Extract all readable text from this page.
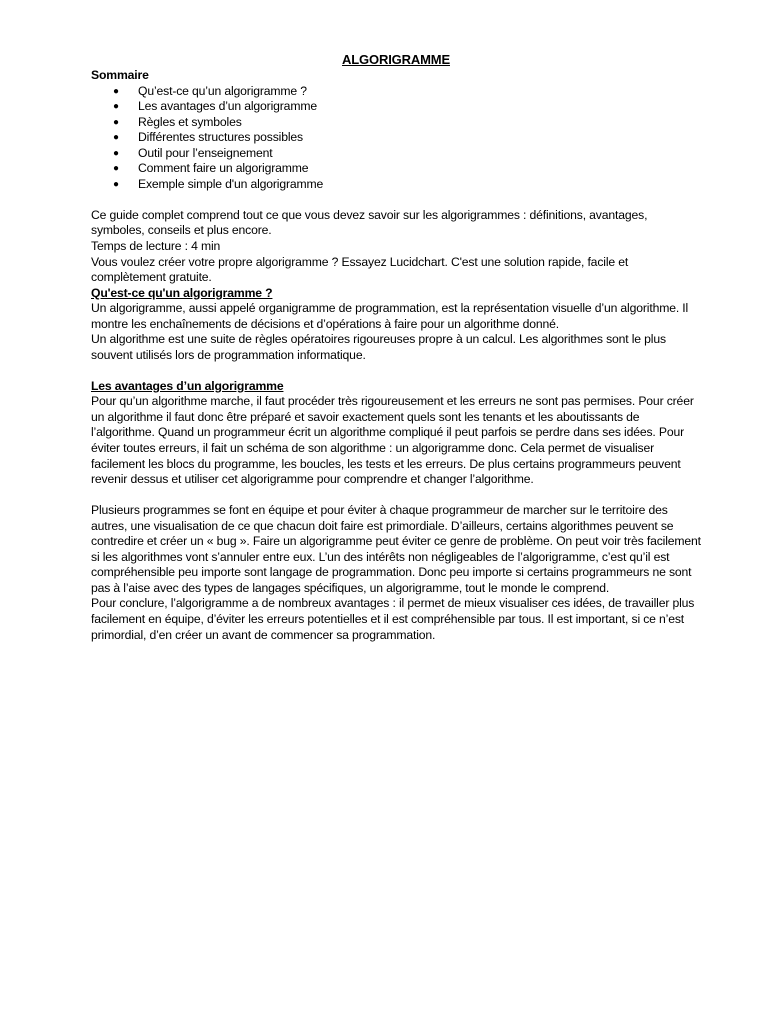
ALGORIGRAMME

Sommaire

● Qu’est-ce qu’un algorigramme ?
● Les avantages d’un algorigramme
● Règles et symboles
● Différentes structures possibles
● Outil pour l’enseignement
● Comment faire un algorigramme
● Exemple simple d'un algorigramme

Ce guide complet comprend tout ce que vous devez savoir sur les algorigrammes : définitions, avantages, symboles, conseils et plus encore.

Temps de lecture : 4 min

Vous voulez créer votre propre algorigramme ? Essayez Lucidchart. C'est une solution rapide, facile et complètement gratuite.

Qu'est-ce qu'un algorigramme ?

Un algorigramme, aussi appelé organigramme de programmation, est la représentation visuelle d’un algorithme. Il montre les enchaînements de décisions et d’opérations à faire pour un algorithme donné.

Un algorithme est une suite de règles opératoires rigoureuses propre à un calcul. Les algorithmes sont le plus souvent utilisés lors de programmation informatique.

Les avantages d’un algorigramme

Pour qu’un algorithme marche, il faut procéder très rigoureusement et les erreurs ne sont pas permises. Pour créer un algorithme il faut donc être préparé et savoir exactement quels sont les tenants et les aboutissants de l’algorithme. Quand un programmeur écrit un algorithme compliqué il peut parfois se perdre dans ses idées. Pour éviter toutes erreurs, il fait un schéma de son algorithme : un algorigramme donc. Cela permet de visualiser facilement les blocs du programme, les boucles, les tests et les erreurs. De plus certains programmeurs peuvent revenir dessus et utiliser cet algorigramme pour comprendre et changer l’algorithme.

Plusieurs programmes se font en équipe et pour éviter à chaque programmeur de marcher sur le territoire des autres, une visualisation de ce que chacun doit faire est primordiale. D’ailleurs, certains algorithmes peuvent se contredire et créer un « bug ». Faire un algorigramme peut éviter ce genre de problème. On peut voir très facilement si les algorithmes vont s’annuler entre eux. L’un des intérêts non négligeables de l’algorigramme, c’est qu’il est compréhensible peu importe sont langage de programmation. Donc peu importe si certains programmeurs ne sont pas à l’aise avec des types de langages spécifiques, un algorigramme, tout le monde le comprend.

Pour conclure, l’algorigramme a de nombreux avantages : il permet de mieux visualiser ces idées, de travailler plus facilement en équipe, d’éviter les erreurs potentielles et il est compréhensible par tous. Il est important, si ce n’est primordial, d’en créer un avant de commencer sa programmation.
